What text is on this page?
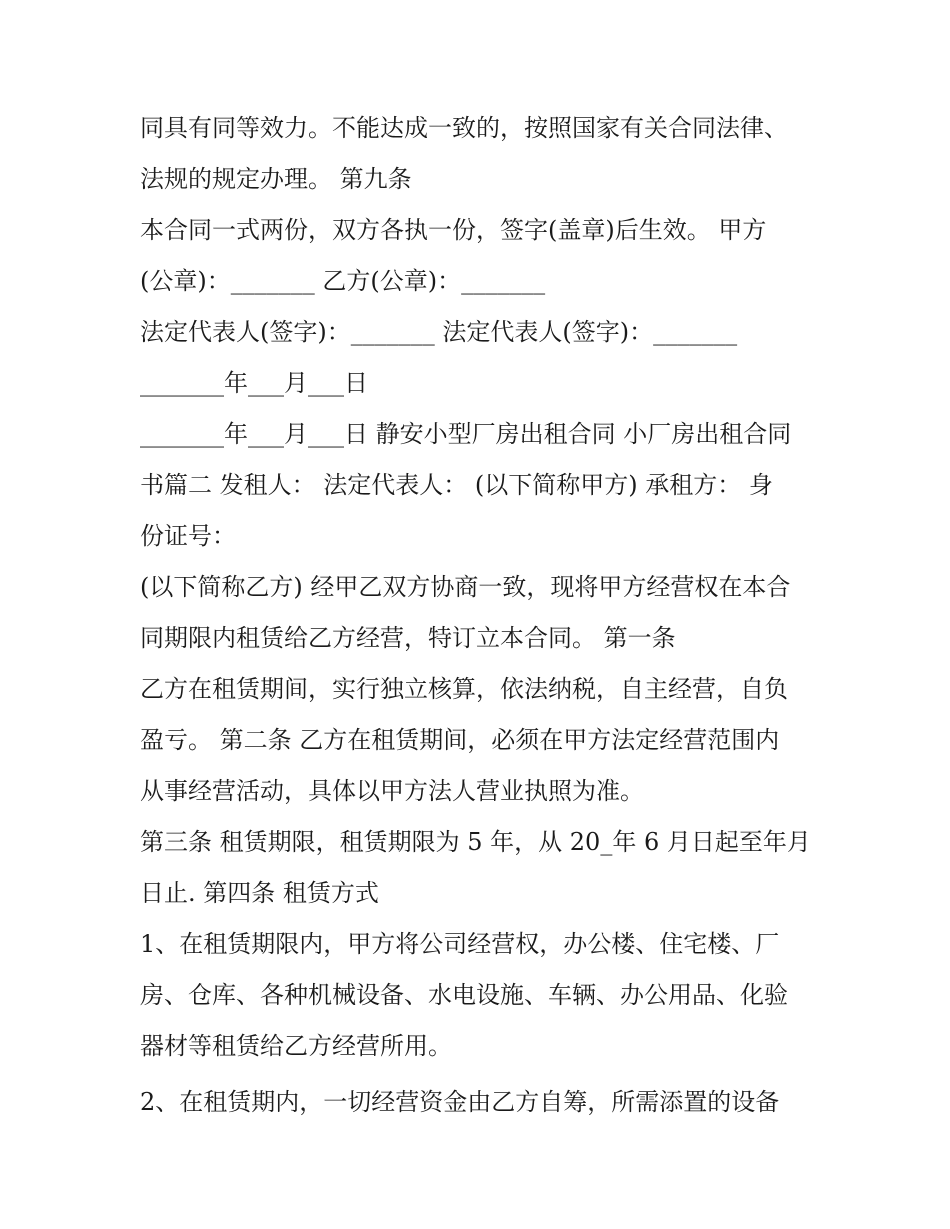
同具有同等效力。不能达成一致的，按照国家有关合同法律、
法规的规定办理。 第九条
本合同一式两份，双方各执一份，签字(盖章)后生效。 甲方
(公章)：_______ 乙方(公章)：_______
法定代表人(签字)：_______ 法定代表人(签字)：_______
_______年___月___日
_______年___月___日 静安小型厂房出租合同 小厂房出租合同
书篇二 发租人： 法定代表人： (以下简称甲方) 承租方： 身
份证号：
(以下简称乙方) 经甲乙双方协商一致，现将甲方经营权在本合
同期限内租赁给乙方经营，特订立本合同。 第一条
乙方在租赁期间，实行独立核算，依法纳税，自主经营，自负
盈亏。 第二条 乙方在租赁期间，必须在甲方法定经营范围内
从事经营活动，具体以甲方法人营业执照为准。
第三条 租赁期限，租赁期限为 5 年，从 20_年 6 月日起至年月
日止. 第四条 租赁方式
1、在租赁期限内，甲方将公司经营权，办公楼、住宅楼、厂
房、仓库、各种机械设备、水电设施、车辆、办公用品、化验
器材等租赁给乙方经营所用。
2、在租赁期内，一切经营资金由乙方自筹，所需添置的设备
